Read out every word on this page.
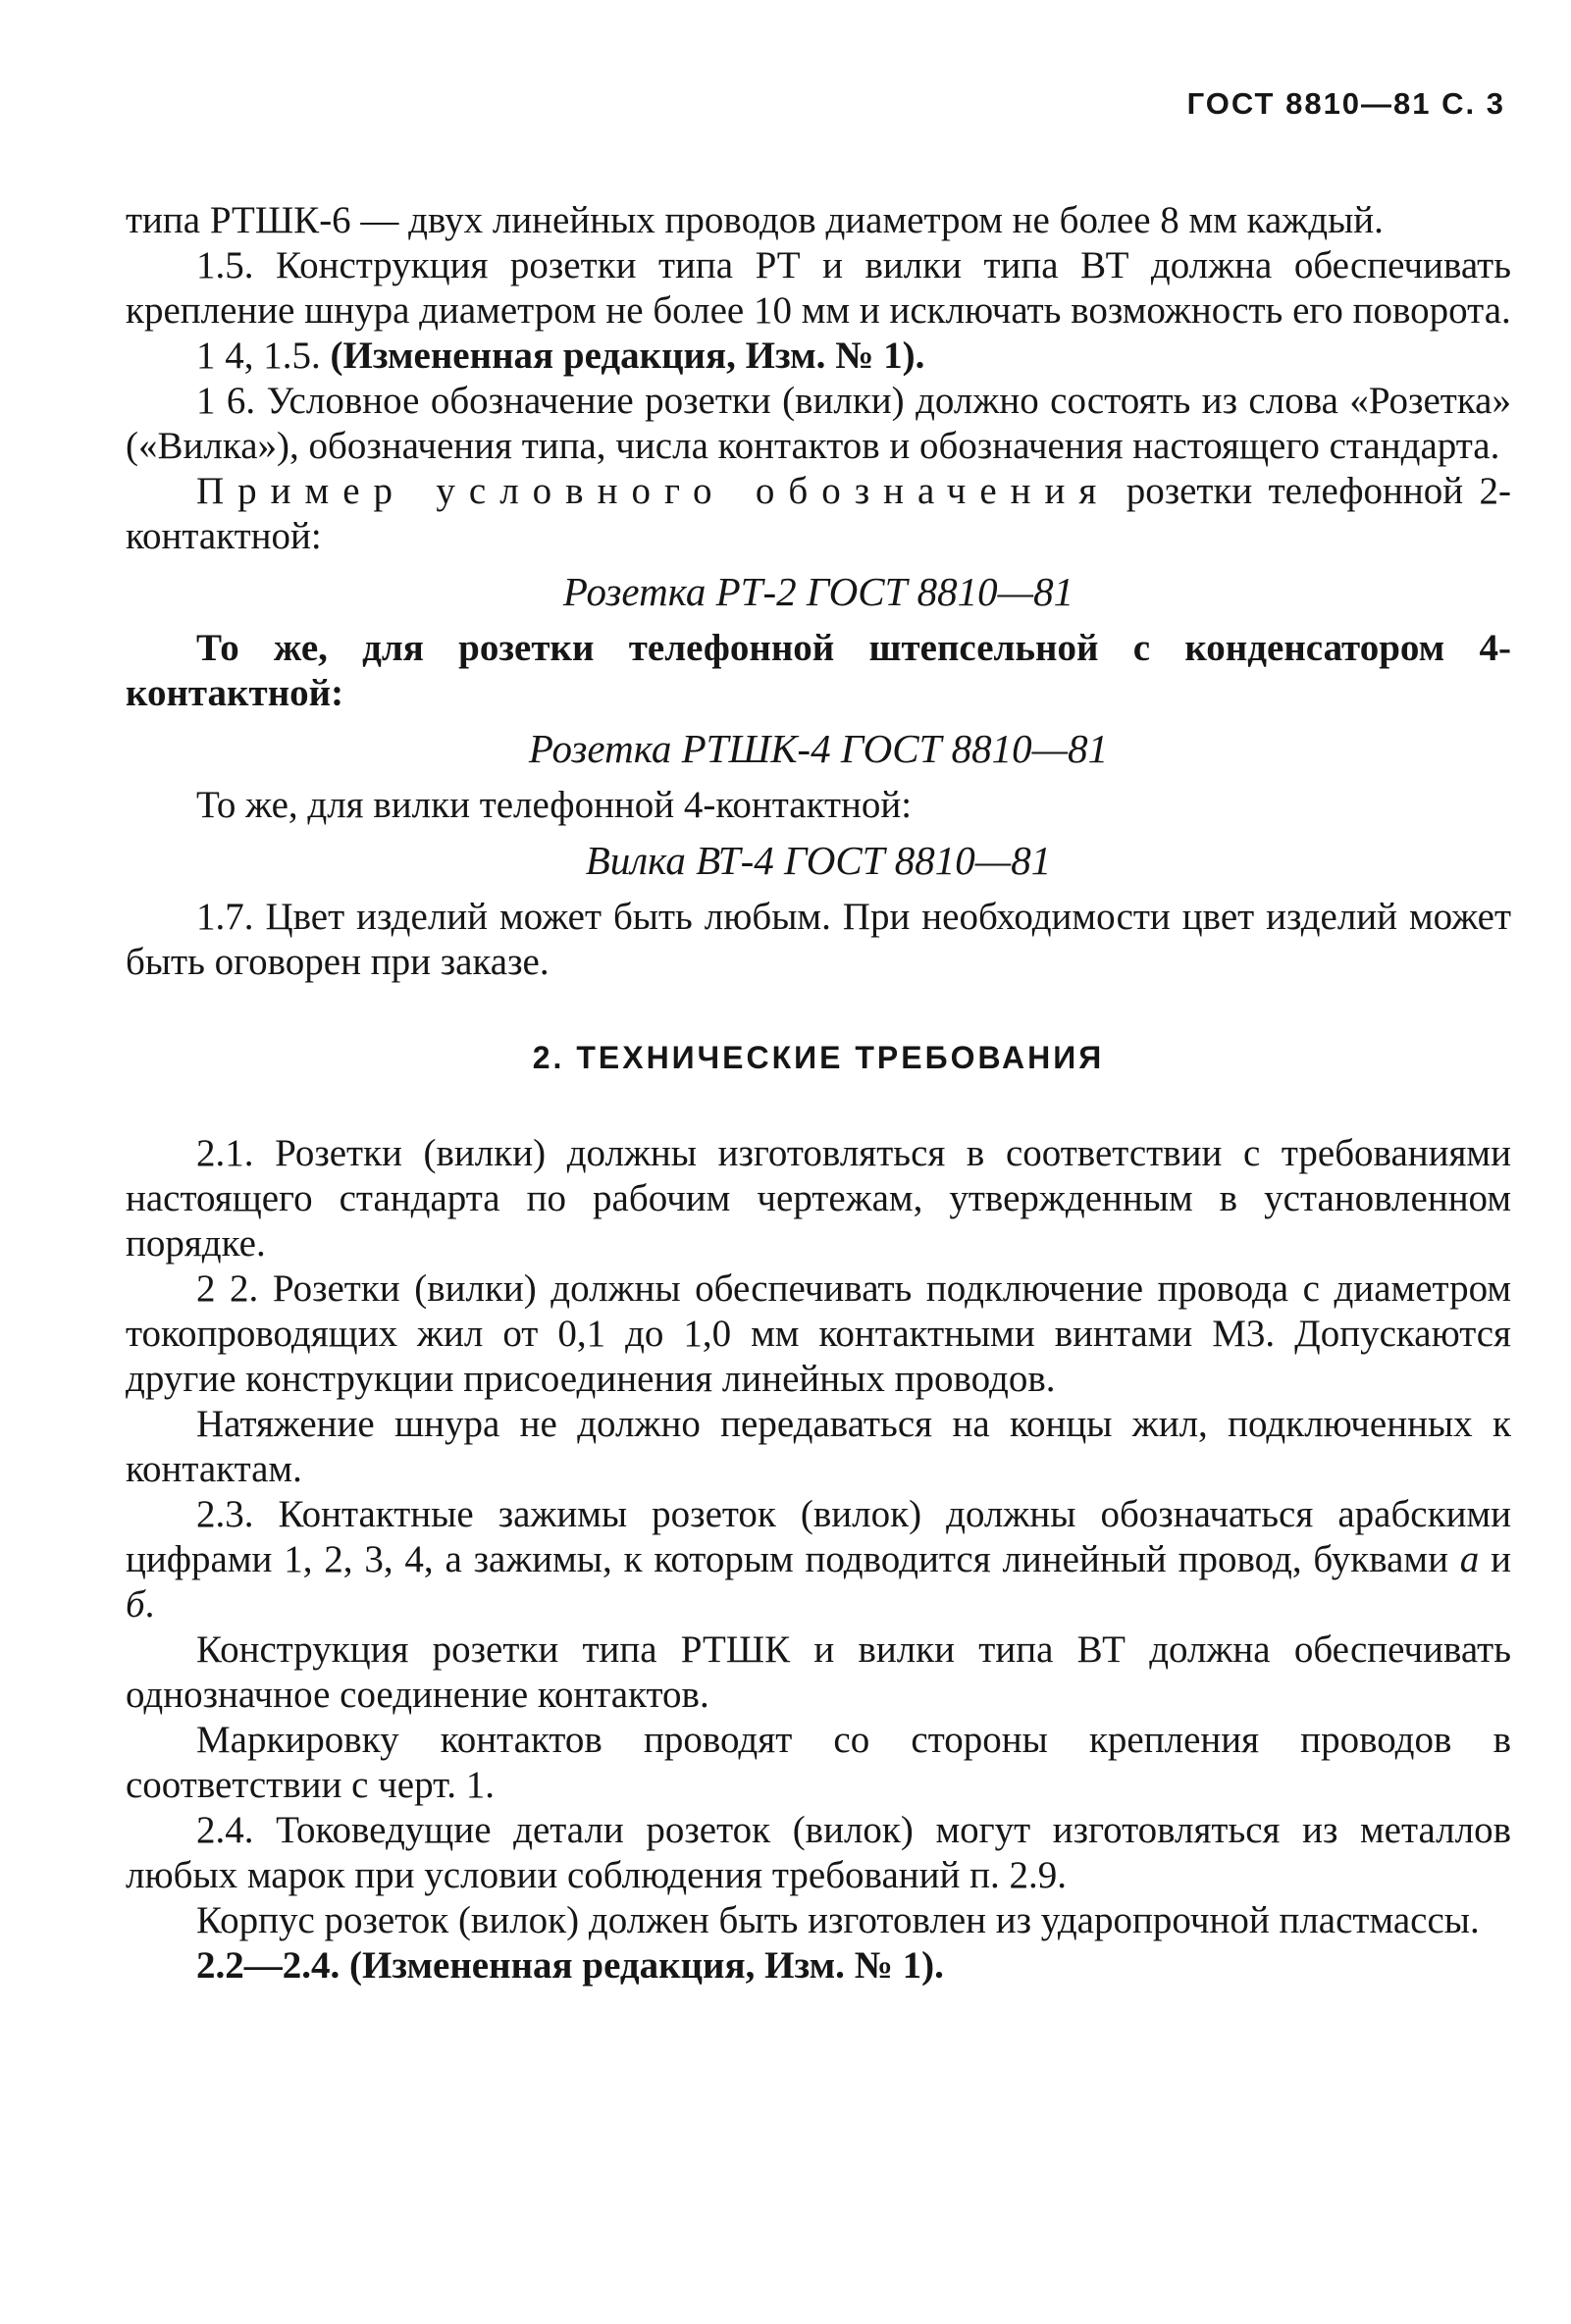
ГОСТ 8810—81 С. 3

типа РТШК-6 — двух линейных проводов диаметром не более 8 мм каждый.

1.5. Конструкция розетки типа РТ и вилки типа ВТ должна обеспечивать крепление шнура диаметром не более 10 мм и исключать возможность его поворота.

1 4, 1.5. (Измененная редакция, Изм. № 1).

1 6. Условное обозначение розетки (вилки) должно состоять из слова «Розетка» («Вилка»), обозначения типа, числа контактов и обозначения настоящего стандарта.

Пример условного обозначения розетки телефонной 2-контактной:

Розетка РТ-2 ГОСТ 8810—81

То же, для розетки телефонной штепсельной с конденсатором 4-контактной:

Розетка РТШК-4 ГОСТ 8810—81

То же, для вилки телефонной 4-контактной:

Вилка ВТ-4 ГОСТ 8810—81

1.7. Цвет изделий может быть любым. При необходимости цвет изделий может быть оговорен при заказе.

2. ТЕХНИЧЕСКИЕ ТРЕБОВАНИЯ

2.1. Розетки (вилки) должны изготовляться в соответствии с требованиями настоящего стандарта по рабочим чертежам, утвержденным в установленном порядке.

2 2. Розетки (вилки) должны обеспечивать подключение провода с диаметром токопроводящих жил от 0,1 до 1,0 мм контактными винтами М3. Допускаются другие конструкции присоединения линейных проводов.

Натяжение шнура не должно передаваться на концы жил, подключенных к контактам.

2.3. Контактные зажимы розеток (вилок) должны обозначаться арабскими цифрами 1, 2, 3, 4, а зажимы, к которым подводится линейный провод, буквами а и б.

Конструкция розетки типа РТШК и вилки типа ВТ должна обеспечивать однозначное соединение контактов.

Маркировку контактов проводят со стороны крепления проводов в соответствии с черт. 1.

2.4. Токоведущие детали розеток (вилок) могут изготовляться из металлов любых марок при условии соблюдения требований п. 2.9.

Корпус розеток (вилок) должен быть изготовлен из ударопрочной пластмассы.

2.2—2.4. (Измененная редакция, Изм. № 1).
